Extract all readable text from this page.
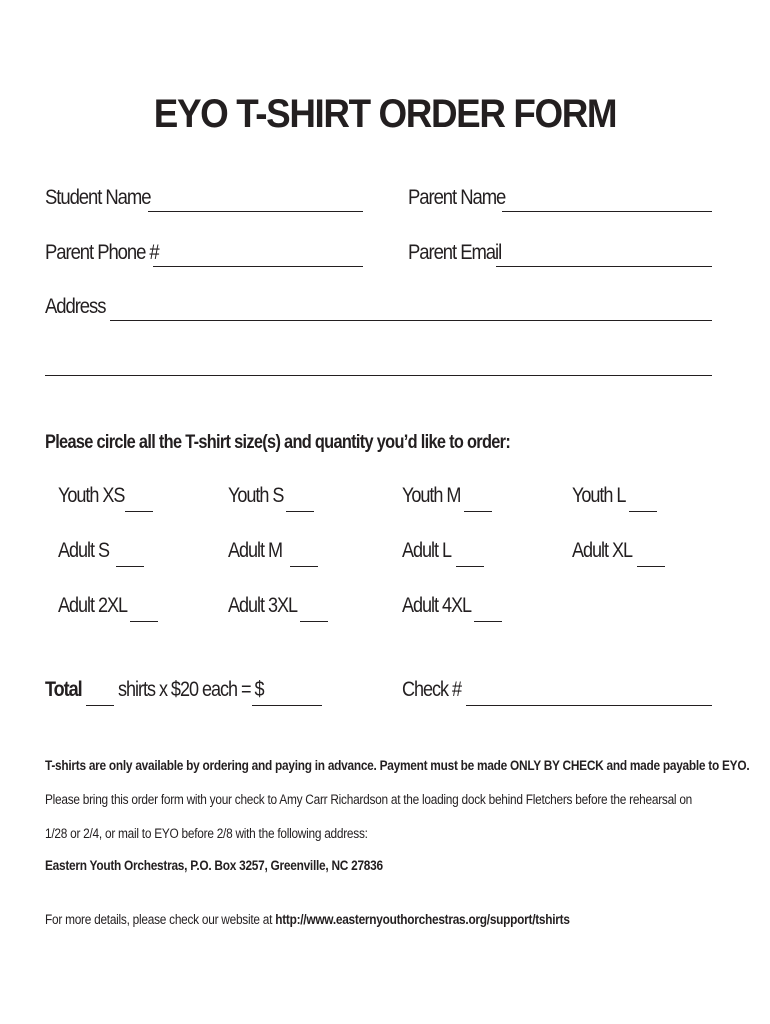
EYO T-SHIRT ORDER FORM
Student Name	Parent Name
Parent Phone #	Parent Email
Address
Please circle all the T-shirt size(s) and quantity you’d like to order:
Youth XS	Youth S	Youth M	Youth L
Adult S	Adult M	Adult L	Adult XL
Adult 2XL	Adult 3XL	Adult 4XL
Total shirts x $20 each = $	Check #
T-shirts are only available by ordering and paying in advance. Payment must be made ONLY BY CHECK and made payable to EYO.
Please bring this order form with your check to Amy Carr Richardson at the loading dock behind Fletchers before the rehearsal on
1/28 or 2/4, or mail to EYO before 2/8 with the following address:
Eastern Youth Orchestras, P.O. Box 3257, Greenville, NC 27836
For more details, please check our website at http://www.easternyouthorchestras.org/support/tshirts
